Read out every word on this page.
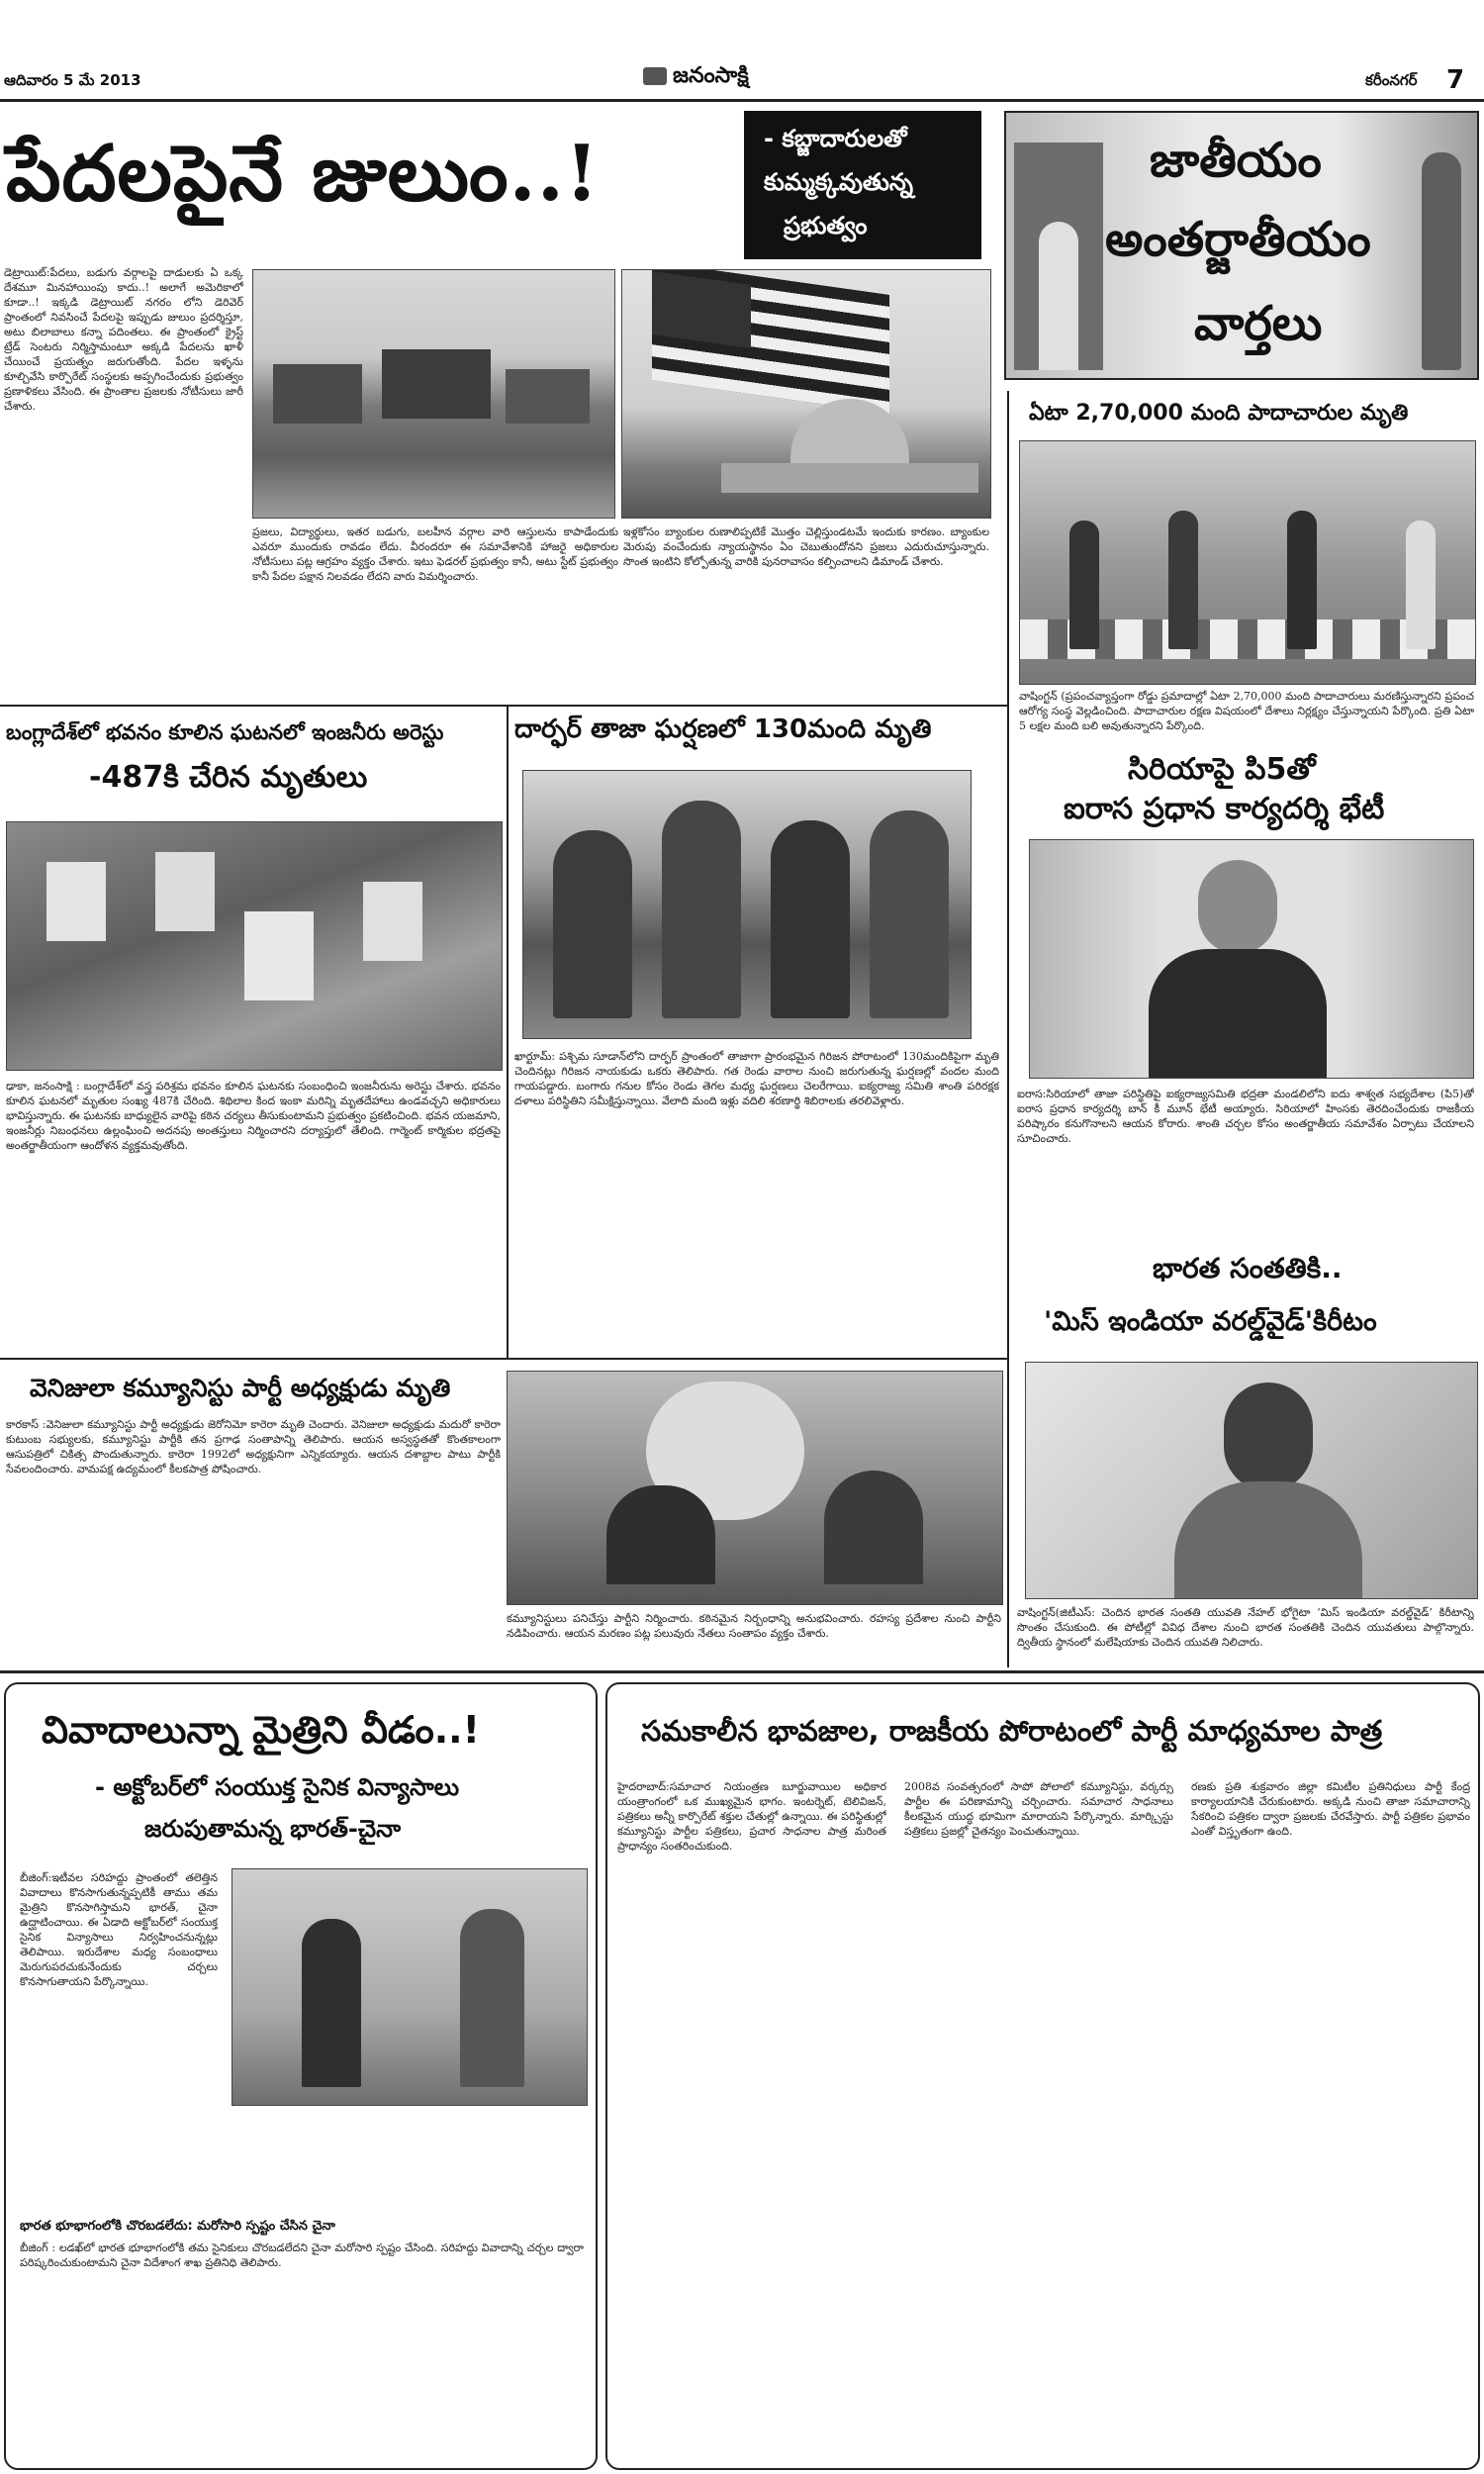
ఆదివారం 5 మే 2013	జనంసాక్షి	కరీంనగర్ 7
పేదలపైనే జులుం..!	- కబ్జాదారులతో
కుమ్మక్కవుతున్న
ప్రభుత్వం
డెట్రాయిట్‌:పేదలు, బడుగు వర్గాలపై దాడులకు ఏ ఒక్క దేశమూ మినహాయింపు కాదు..! అలాగే అమెరికాలో కూడా..! ఇక్కడి డెట్రాయిట్‌ నగరం లోని డెరివెర్‌ ప్రాంతంలో నివసించే పేదలపై ఇప్పుడు జులుం ప్రదర్శిస్తూ, అటు బిలాబాలు కన్నా పదింతలు. ఈ ప్రాంతంలో క్రైస్ట్‌ ట్రేడ్‌ సెంటరు నిర్మిస్తామంటూ అక్కడి పేదలను ఖాళీ చేయించే ప్రయత్నం జరుగుతోంది. పేదల ఇళ్ళను కూల్చివేసి కార్పొరేట్‌ సంస్థలకు అప్పగించేందుకు ప్రభుత్వం ప్రణాళికలు వేసింది. ఈ ప్రాంతాల ప్రజలకు నోటీసులు జారీ చేశారు.
ప్రజలు, విద్యార్థులు, ఇతర బడుగు, బలహీన వర్గాల వారి ఆస్తులను కాపాడేందుకు ఎవరూ ముందుకు రావడం లేదు. వీరందరూ ఈ సమావేశానికి హాజరై అధికారుల నోటీసులు పట్ల ఆగ్రహం వ్యక్తం చేశారు. ఇటు ఫెడరల్‌ ప్రభుత్వం కానీ, అటు స్టేట్‌ ప్రభుత్వం కానీ పేదల పక్షాన నిలవడం లేదని వారు విమర్శించారు.
ఇళ్లకోసం బ్యాంకుల రుణాలిప్పటికే మొత్తం చెల్లిస్తుండటమే ఇందుకు కారణం. బ్యాంకుల మెరుపు వంచేందుకు న్యాయస్థానం ఏం చెబుతుందోనని ప్రజలు ఎదురుచూస్తున్నారు. సొంత ఇంటిని కోల్పోతున్న వారికి పునరావాసం కల్పించాలని డిమాండ్‌ చేశారు.
జాతీయం
అంతర్జాతీయం
వార్తలు
ఏటా 2,70,000 మంది పాదాచారుల మృతి
వాషింగ్టన్‌ (ప్రపంచవ్యాప్తంగా రోడ్డు ప్రమాదాల్లో ఏటా 2,70,000 మంది పాదాచారులు మరణిస్తున్నారని ప్రపంచ ఆరోగ్య సంస్థ వెల్లడించింది. పాదాచారుల రక్షణ విషయంలో దేశాలు నిర్లక్ష్యం చేస్తున్నాయని పేర్కొంది. ప్రతి ఏటా 5 లక్షల మంది బలి అవుతున్నారని పేర్కొంది.
బంగ్లాదేశ్‌లో భవనం కూలిన ఘటనలో ఇంజనీరు అరెస్టు
-487కి చేరిన మృతులు
ఢాకా, జనంసాక్షి : బంగ్లాదేశ్‌లో వస్త్ర పరిశ్రమ భవనం కూలిన ఘటనకు సంబంధించి ఇంజనీరును అరెస్టు చేశారు. భవనం కూలిన ఘటనలో మృతుల సంఖ్య 487కి చేరింది. శిథిలాల కింద ఇంకా మరిన్ని మృతదేహాలు ఉండవచ్చని అధికారులు భావిస్తున్నారు. ఈ ఘటనకు బాధ్యులైన వారిపై కఠిన చర్యలు తీసుకుంటామని ప్రభుత్వం ప్రకటించింది. భవన యజమాని, ఇంజనీర్లు నిబంధనలు ఉల్లంఘించి అదనపు అంతస్తులు నిర్మించారని దర్యాప్తులో తేలింది. గార్మెంట్‌ కార్మికుల భద్రతపై అంతర్జాతీయంగా ఆందోళన వ్యక్తమవుతోంది.
దార్ఫర్‌ తాజా ఘర్షణలో 130మంది మృతి
ఖార్టూమ్‌: పశ్చిమ సూడాన్‌లోని దార్ఫర్‌ ప్రాంతంలో తాజాగా ప్రారంభమైన గిరిజన పోరాటంలో 130మందికిపైగా మృతి చెందినట్లు గిరిజన నాయకుడు ఒకరు తెలిపారు. గత రెండు వారాల నుంచి జరుగుతున్న ఘర్షణల్లో వందల మంది గాయపడ్డారు. బంగారు గనుల కోసం రెండు తెగల మధ్య ఘర్షణలు చెలరేగాయి. ఐక్యరాజ్య సమితి శాంతి పరిరక్షక దళాలు పరిస్థితిని సమీక్షిస్తున్నాయి. వేలాది మంది ఇళ్లు వదిలి శరణార్థి శిబిరాలకు తరలివెళ్లారు.
సిరియాపై పి5తో
ఐరాస ప్రధాన కార్యదర్శి భేటీ
ఐరాస:సిరియాలో తాజా పరిస్థితిపై ఐక్యరాజ్యసమితి భద్రతా మండలిలోని ఐదు శాశ్వత సభ్యదేశాల (పి5)తో ఐరాస ప్రధాన కార్యదర్శి బాన్‌ కీ మూన్‌ భేటీ అయ్యారు. సిరియాలో హింసకు తెరదించేందుకు రాజకీయ పరిష్కారం కనుగొనాలని ఆయన కోరారు. శాంతి చర్చల కోసం అంతర్జాతీయ సమావేశం ఏర్పాటు చేయాలని సూచించారు.
భారత సంతతికి..
'మిస్‌ ఇండియా వరల్డ్‌వైడ్‌'కిరీటం
వాషింగ్టన్‌(జిటీఎస్‌: చెందిన భారత సంతతి యువతి నేహల్‌ భోగైటా ‘మిస్‌ ఇండియా వరల్డ్‌వైడ్‌’ కిరీటాన్ని సొంతం చేసుకుంది. ఈ పోటీల్లో వివిధ దేశాల నుంచి భారత సంతతికి చెందిన యువతులు పాల్గొన్నారు. ద్వితీయ స్థానంలో మలేషియాకు చెందిన యువతి నిలిచారు.
వెనిజులా కమ్యూనిస్టు పార్టీ అధ్యక్షుడు మృతి
కారకాస్‌ :వెనిజులా కమ్యూనిస్టు పార్టీ అధ్యక్షుడు జెరోనిమో కారెరా మృతి చెందారు. వెనిజులా అధ్యక్షుడు మదురో కారెరా కుటుంబ సభ్యులకు, కమ్యూనిస్టు పార్టీకి తన ప్రగాఢ సంతాపాన్ని తెలిపారు. ఆయన అస్వస్థతతో కొంతకాలంగా ఆసుపత్రిలో చికిత్స పొందుతున్నారు. కారెరా 1992లో అధ్యక్షునిగా ఎన్నికయ్యారు. ఆయన దశాబ్దాల పాటు పార్టీకి సేవలందించారు. వామపక్ష ఉద్యమంలో కీలకపాత్ర పోషించారు.
కమ్యూనిస్టులు పనిచేస్తు పార్టీని నిర్మించారు. కఠినమైన నిర్బంధాన్ని అనుభవించారు. రహస్య ప్రదేశాల నుంచి పార్టీని నడిపించారు. ఆయన మరణం పట్ల పలువురు నేతలు సంతాపం వ్యక్తం చేశారు.
వివాదాలున్నా మైత్రిని వీడం..!
- అక్టోబర్‌లో సంయుక్త సైనిక విన్యాసాలు
జరుపుతామన్న భారత్‌-చైనా
బీజింగ్‌:ఇటీవల సరిహద్దు ప్రాంతంలో తలెత్తిన వివాదాలు కొనసాగుతున్నప్పటికీ తాము తమ మైత్రిని కొనసాగిస్తామని భారత్‌, చైనా ఉద్ఘాటించాయి. ఈ ఏడాది అక్టోబర్‌లో సంయుక్త సైనిక విన్యాసాలు నిర్వహించనున్నట్లు తెలిపాయి. ఇరుదేశాల మధ్య సంబంధాలు మెరుగుపరచుకునేందుకు చర్చలు కొనసాగుతాయని పేర్కొన్నాయి.
భారత భూభాగంలోకి చొరబడలేదు: మరోసారి స్పష్టం చేసిన చైనా
బీజింగ్‌ : లడఖ్‌లో భారత భూభాగంలోకి తమ సైనికులు చొరబడలేదని చైనా మరోసారి స్పష్టం చేసింది. సరిహద్దు వివాదాన్ని చర్చల ద్వారా పరిష్కరించుకుంటామని చైనా విదేశాంగ శాఖ ప్రతినిధి తెలిపారు.
సమకాలీన భావజాల, రాజకీయ పోరాటంలో పార్టీ మాధ్యమాల పాత్ర
హైదరాబాద్‌:సమాచార నియంత్రణ బూర్జువాయిల అధికార యంత్రాంగంలో ఒక ముఖ్యమైన భాగం. ఇంటర్నెట్‌, టెలివిజన్‌, పత్రికలు అన్నీ కార్పొరేట్‌ శక్తుల చేతుల్లో ఉన్నాయి. ఈ పరిస్థితుల్లో కమ్యూనిస్టు పార్టీల పత్రికలు, ప్రచార సాధనాల పాత్ర మరింత ప్రాధాన్యం సంతరించుకుంది.
2008వ సంవత్సరంలో సాపో పోలాలో కమ్యూనిస్టు, వర్కర్సు పార్టీల ఈ పరిణామాన్ని చర్చించారు. సమాచార సాధనాలు కీలకమైన యుద్ధ భూమిగా మారాయని పేర్కొన్నారు. మార్క్సిస్టు పత్రికలు ప్రజల్లో చైతన్యం పెంచుతున్నాయి.
రణకు ప్రతి శుక్రవారం జిల్లా కమిటీల ప్రతినిధులు పార్టీ కేంద్ర కార్యాలయానికి చేరుకుంటారు. అక్కడి నుంచి తాజా సమాచారాన్ని సేకరించి పత్రికల ద్వారా ప్రజలకు చేరవేస్తారు. పార్టీ పత్రికల ప్రభావం ఎంతో విస్తృతంగా ఉంది.
